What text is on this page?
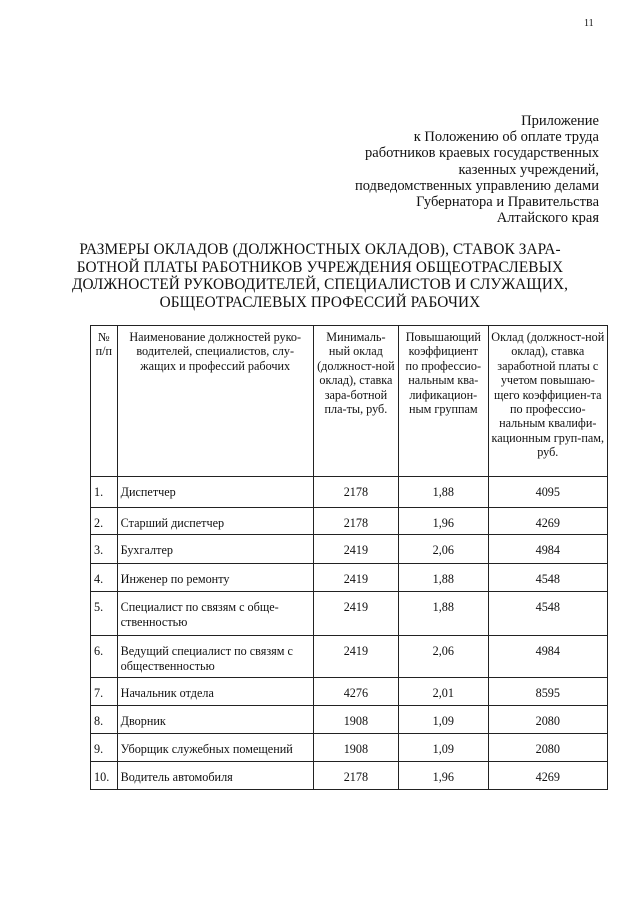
11
Приложение
к Положению об оплате труда
работников краевых государственных
казенных учреждений,
подведомственных управлению делами
Губернатора и Правительства
Алтайского края
РАЗМЕРЫ ОКЛАДОВ (ДОЛЖНОСТНЫХ ОКЛАДОВ), СТАВОК ЗАРА-
БОТНОЙ ПЛАТЫ РАБОТНИКОВ УЧРЕЖДЕНИЯ ОБЩЕОТРАСЛЕВЫХ
ДОЛЖНОСТЕЙ РУКОВОДИТЕЛЕЙ, СПЕЦИАЛИСТОВ И СЛУЖАЩИХ,
ОБЩЕОТРАСЛЕВЫХ ПРОФЕССИЙ РАБОЧИХ
№ п/п	Наименование должностей руко-водителей, специалистов, слу-жащих и профессий рабочих	Минималь-ный оклад (должност-ной оклад), ставка зара-ботной пла-ты, руб.	Повышающий коэффициент по профессио-нальным ква-лификацион-ным группам	Оклад (должност-ной оклад), ставка заработной платы с учетом повышаю-щего коэффициен-та по профессио-нальным квалифи-кационным груп-пам, руб.
1.	Диспетчер	2178	1,88	4095
2.	Старший диспетчер	2178	1,96	4269
3.	Бухгалтер	2419	2,06	4984
4.	Инженер по ремонту	2419	1,88	4548
5.	Специалист по связям с обще-ственностью	2419	1,88	4548
6.	Ведущий специалист по связям с общественностью	2419	2,06	4984
7.	Начальник отдела	4276	2,01	8595
8.	Дворник	1908	1,09	2080
9.	Уборщик служебных помещений	1908	1,09	2080
10.	Водитель автомобиля	2178	1,96	4269
